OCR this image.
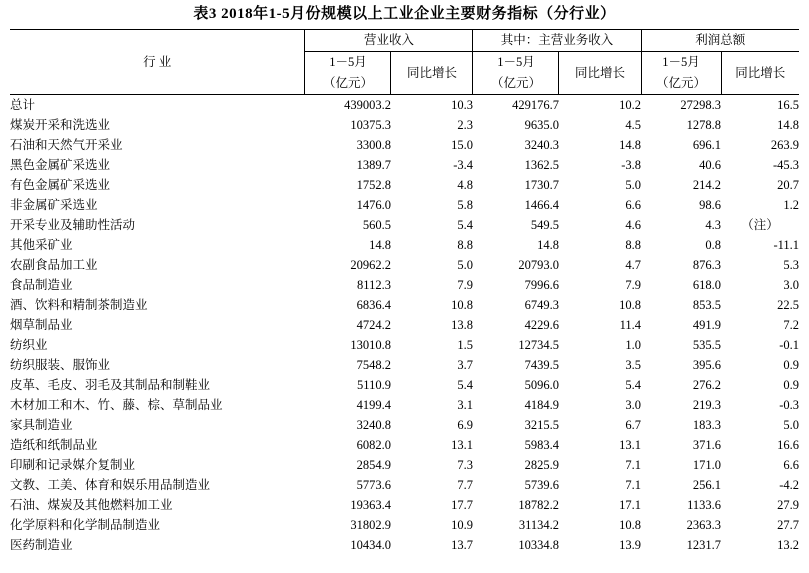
表3 2018年1-5月份规模以上工业企业主要财务指标（分行业）
行 业	营业收入		其中：主营业务收入		利润总额	
	1－5月	同比增长	1－5月	同比增长	1－5月	同比增长
	（亿元）		（亿元）		（亿元）	

总计	439003.2	10.3	429176.7	10.2	27298.3	16.5
煤炭开采和洗选业	10375.3	2.3	9635.0	4.5	1278.8	14.8
石油和天然气开采业	3300.8	15.0	3240.3	14.8	696.1	263.9
黑色金属矿采选业	1389.7	-3.4	1362.5	-3.8	40.6	-45.3
有色金属矿采选业	1752.8	4.8	1730.7	5.0	214.2	20.7
非金属矿采选业	1476.0	5.8	1466.4	6.6	98.6	1.2
开采专业及辅助性活动	560.5	5.4	549.5	4.6	4.3	（注）
其他采矿业	14.8	8.8	14.8	8.8	0.8	-11.1
农副食品加工业	20962.2	5.0	20793.0	4.7	876.3	5.3
食品制造业	8112.3	7.9	7996.6	7.9	618.0	3.0
酒、饮料和精制茶制造业	6836.4	10.8	6749.3	10.8	853.5	22.5
烟草制品业	4724.2	13.8	4229.6	11.4	491.9	7.2
纺织业	13010.8	1.5	12734.5	1.0	535.5	-0.1
纺织服装、服饰业	7548.2	3.7	7439.5	3.5	395.6	0.9
皮革、毛皮、羽毛及其制品和制鞋业	5110.9	5.4	5096.0	5.4	276.2	0.9
木材加工和木、竹、藤、棕、草制品业	4199.4	3.1	4184.9	3.0	219.3	-0.3
家具制造业	3240.8	6.9	3215.5	6.7	183.3	5.0
造纸和纸制品业	6082.0	13.1	5983.4	13.1	371.6	16.6
印刷和记录媒介复制业	2854.9	7.3	2825.9	7.1	171.0	6.6
文教、工美、体育和娱乐用品制造业	5773.6	7.7	5739.6	7.1	256.1	-4.2
石油、煤炭及其他燃料加工业	19363.4	17.7	18782.2	17.1	1133.6	27.9
化学原料和化学制品制造业	31802.9	10.9	31134.2	10.8	2363.3	27.7
医药制造业	10434.0	13.7	10334.8	13.9	1231.7	13.2
